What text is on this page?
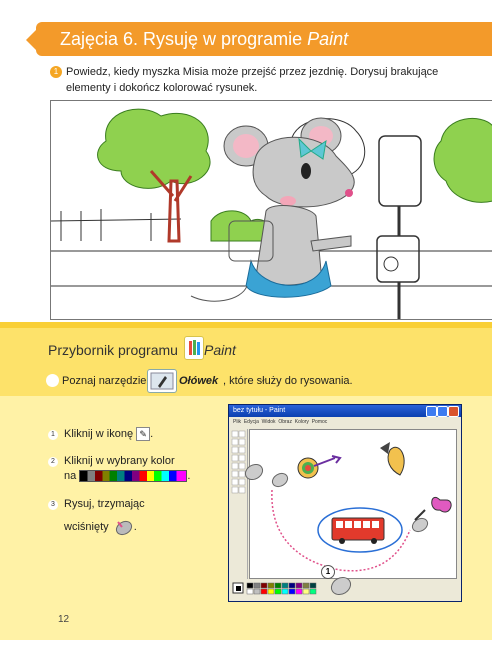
Zajęcia 6. Rysuję w programie Paint
1 Powiedz, kiedy myszka Misia może przejść przez jezdnię. Dorysuj brakujące elementy i dokończ kolorować rysunek.
Przybornik programu Paint
Poznaj narzędzie	Ołówek , które służy do rysowania.
1 Kliknij w ikonę ✎ .
2 Kliknij w wybrany kolor
na	.
3 Rysuj, trzymając
wciśnięty .
bez tytułu - Paint
Plik Edycja Widok Obraz Kolory Pomoc
1
12
